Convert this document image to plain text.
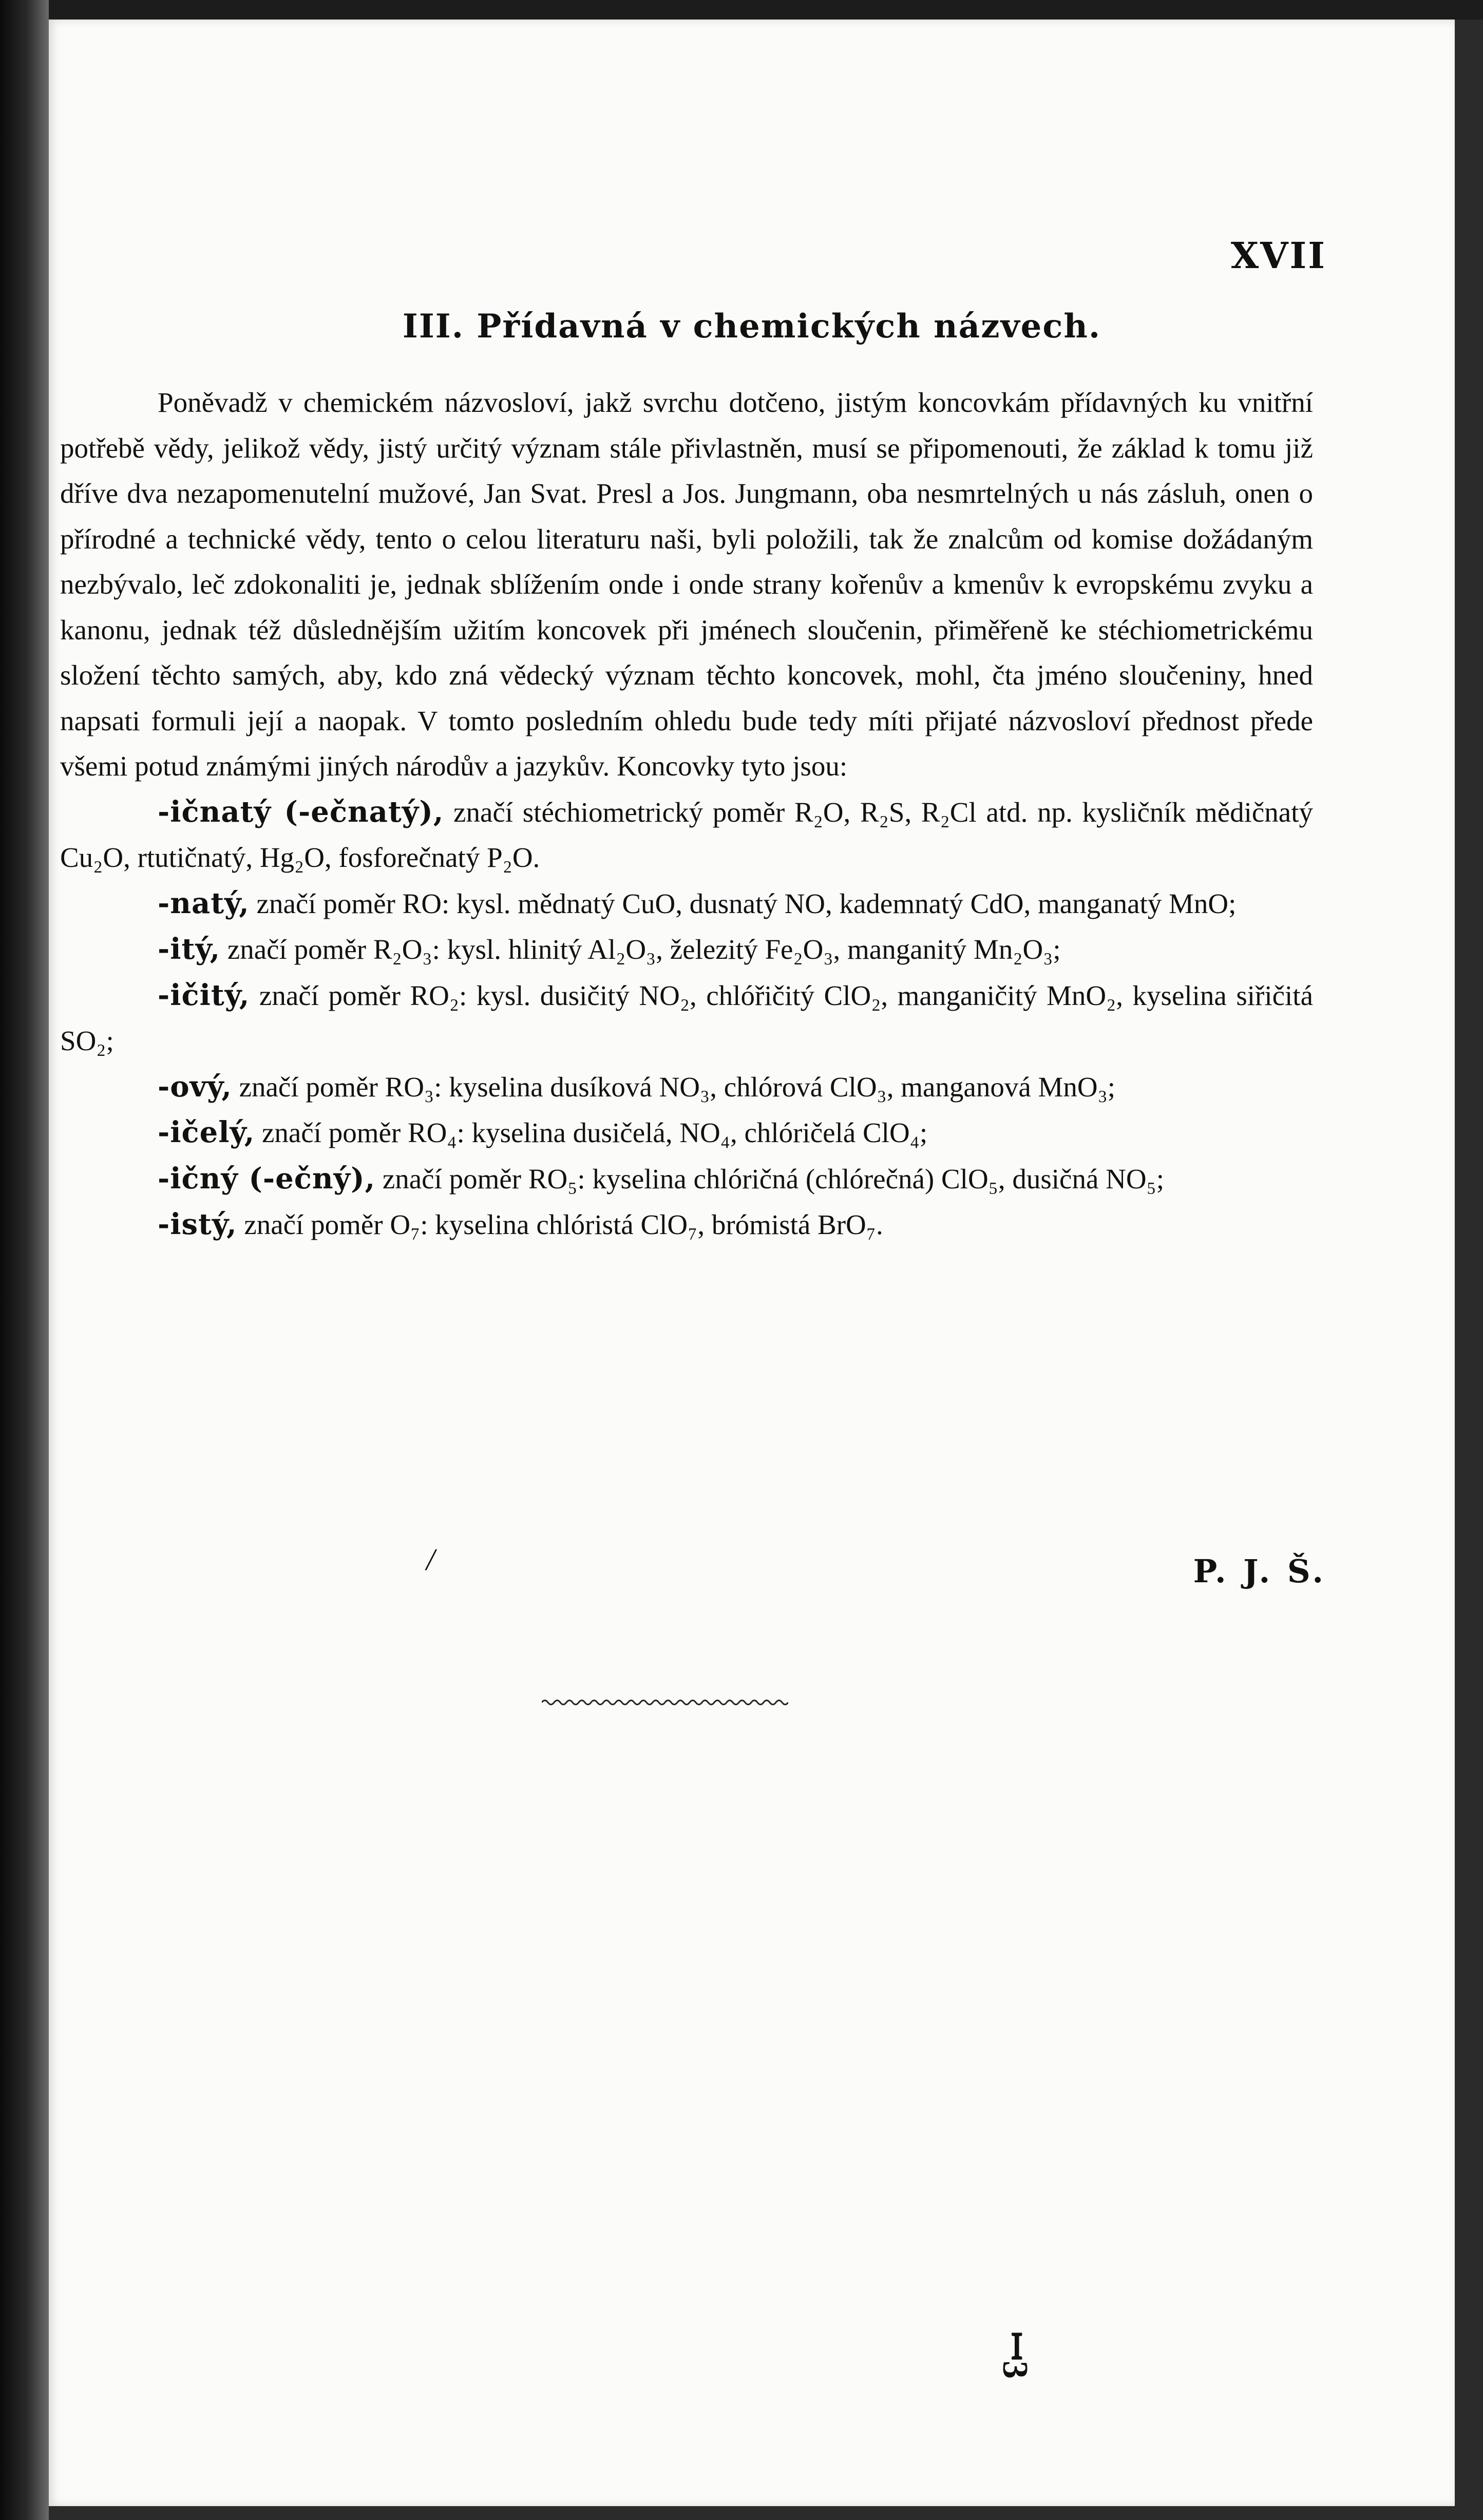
XVII
III. Přídavná v chemických názvech.

Poněvadž v chemickém názvosloví, jakž svrchu dotčeno, jistým koncovkám přídavných ku vnitřní potřebě vědy, jelikož vědy, jistý určitý význam stále přivlastněn, musí se připomenouti, že základ k tomu již dříve dva nezapomenutelní mužové, Jan Svat. Presl a Jos. Jungmann, oba nesmrtelných u nás zásluh, onen o přírodné a technické vědy, tento o celou literaturu naši, byli položili, tak že znalcům od komise dožádaným nezbývalo, leč zdokonaliti je, jednak sblížením onde i onde strany kořenův a kmenův k evropskému zvyku a kanonu, jednak též důslednějším užitím koncovek při jménech sloučenin, přiměřeně ke stéchiometrickému složení těchto samých, aby, kdo zná vědecký význam těchto koncovek, mohl, čta jméno sloučeniny, hned napsati formuli její a naopak. V tomto posledním ohledu bude tedy míti přijaté názvosloví přednost přede všemi potud známými jiných národův a jazykův. Koncovky tyto jsou:

-ičnatý (-ečnatý), značí stéchiometrický poměr R₂O, R₂S, R₂Cl atd. np. kysličník mědičnatý Cu₂O, rtutičnatý, Hg₂O, fosforečnatý P₂O.

-natý, značí poměr RO: kysl. mědnatý CuO, dusnatý NO, kademnatý CdO, manganatý MnO;

-itý, značí poměr R₂O₃: kysl. hlinitý Al₂O₃, železitý Fe₂O₃, manganitý Mn₂O₃;

-ičitý, značí poměr RO₂: kysl. dusičitý NO₂, chlóřičitý ClO₂, manganičitý MnO₂, kyselina siřičitá SO₂;

-ový, značí poměr RO₃: kyselina dusíková NO₃, chlórová ClO₃, manganová MnO₃;

-ičelý, značí poměr RO₄: kyselina dusičelá, NO₄, chlóričelá ClO₄;

-ičný (-ečný), značí poměr RO₅: kyselina chlóričná (chlórečná) ClO₅, dusičná NO₅;

-istý, značí poměr O₇: kyselina chlóristá ClO₇, brómistá BrO₇.

/	P. J. Š.
ꟷ3
